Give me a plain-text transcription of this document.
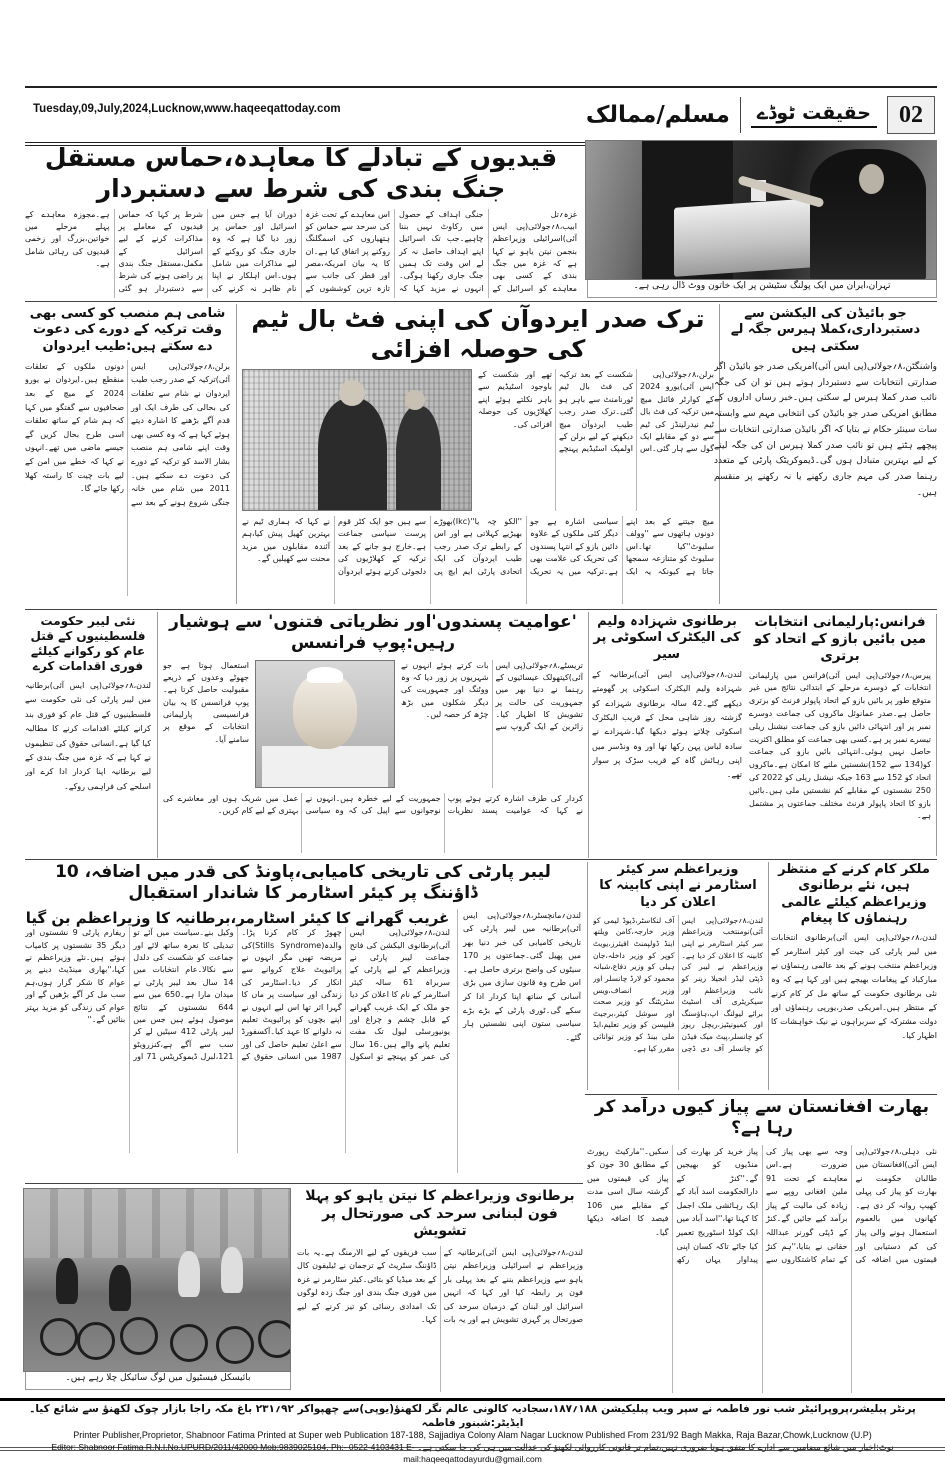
02
حقیقت ٹوڈے
مسلم/ممالک
Tuesday,09,July,2024,Lucknow,www.haqeeqattoday.com
قیدیوں کے تبادلے کا معاہدہ،حماس مستقل جنگ بندی کی شرط سے دستبردار
غزہ؍تل ابیب،۸؍جولائی(پی ایس آئی)اسرائیلی وزیراعظم بنجمن نیتن یاہو نے کہا ہے کہ غزہ میں جنگ بندی کے کسی بھی معاہدے کو اسرائیل کے جنگی اہداف کے حصول میں رکاوٹ نہیں بننا چاہیے۔جب تک اسرائیل اپنے اہداف حاصل نہ کر لے اس وقت تک ہمیں جنگ جاری رکھنا ہوگی۔انہوں نے مزید کہا کہ اس معاہدے کے تحت غزہ کی سرحد سے حماس کو ہتھیاروں کی اسمگلنگ روکنے پر اتفاق کیا ہے۔ان کا یہ بیان امریکہ،مصر اور قطر کی جانب سے تازہ ترین کوششوں کے دوران آیا ہے جس میں اسرائیل اور حماس پر زور دیا گیا ہے کہ وہ جاری جنگ کو روکنے کے لیے مذاکرات میں شامل ہوں۔اس اہلکار نے اپنا نام ظاہر نہ کرنے کی شرط پر کہا کہ حماس قیدیوں کے معاملے پر مذاکرات کرنے کے لیے اسرائیل کے مکمل،مستقل جنگ بندی پر راضی ہونے کی شرط سے دستبردار ہو گئی ہے۔مجوزہ معاہدے کے پہلے مرحلے میں خواتین،بزرگ اور زخمی قیدیوں کی رہائی شامل ہے۔
تہران،ایران میں ایک پولنگ سٹیشن پر ایک خاتون ووٹ ڈال رہی ہے۔
شامی ہم منصب کو کسی بھی وقت ترکیہ کے دورے کی دعوت دے سکتے ہیں:طیب ایردوان
برلن،۸؍جولائی(پی ایس آئی)ترکیہ کے صدر رجب طیب ایردوان نے شام سے تعلقات کی بحالی کی طرف ایک اور قدم آگے بڑھنے کا اشارہ دیتے ہوئے کہا ہے کہ وہ کسی بھی وقت اپنے شامی ہم منصب بشار الاسد کو ترکیہ کے دورے کی دعوت دے سکتے ہیں۔2011 میں شام میں خانہ جنگی شروع ہونے کے بعد سے دونوں ملکوں کے تعلقات منقطع ہیں۔ایردوان نے یورو 2024 کے میچ کے بعد صحافیوں سے گفتگو میں کہا کہ ہم شام کے ساتھ تعلقات اسی طرح بحال کریں گے جیسے ماضی میں تھے۔انہوں نے کہا کہ خطے میں امن کے لیے بات چیت کا راستہ کھلا رکھا جائے گا۔
ترک صدر ایردوآن کی اپنی فٹ بال ٹیم کی حوصلہ افزائی
برلن،۸؍جولائی(پی ایس آئی)یورو 2024 کے کوارٹر فائنل میچ میں ترکیہ کی فٹ بال ٹیم نیدرلینڈز کی ٹیم سے دو کے مقابلے ایک گول سے ہار گئی۔اس شکست کے بعد ترکیہ کی فٹ بال ٹیم ٹورنامنٹ سے باہر ہو گئی۔ترک صدر رجب طیب ایردوآن میچ دیکھنے کے لیے برلن کے اولمپک اسٹیڈیم پہنچے تھے اور شکست کے باوجود اسٹیڈیم سے باہر نکلتے ہوئے اپنے کھلاڑیوں کی حوصلہ افزائی کی۔
میچ جیتنے کے بعد اپنے دونوں ہاتھوں سے ''وولف سلیوٹ''کیا تھا۔اس سلیوٹ کو متنازعہ سمجھا جاتا ہے کیونکہ یہ ایک سیاسی اشارہ ہے جو دیگر کئی ملکوں کے علاوہ دائیں بازو کے انتہا پسندوں کی تحریک کی علامت بھی ہے۔ترکیہ میں یہ تحریک ''الکو چہ یا''(Ikc)بھوڑے بھیڑیے کہلاتی ہے اور اس کے رابطے ترک صدر رجب طیب ایردوآن کی ایک اتحادی پارٹی ایم ایچ پی سے ہیں جو ایک کٹر قوم پرست سیاسی جماعت ہے۔خارج ہو جانے کے بعد ترکیہ کے کھلاڑیوں کی دلجوئی کرتے ہوئے ایردوآن نے کہا کہ ہماری ٹیم نے بہترین کھیل پیش کیا،ہم آئندہ مقابلوں میں مزید محنت سے کھیلیں گے۔
جو بائیڈن کی الیکشن سے دستبرداری،کملا ہیرس جگہ لے سکتی ہیں
واشنگٹن،۸؍جولائی(پی ایس آئی)امریکی صدر جو بائیڈن اگر صدارتی انتخابات سے دستبردار ہوتے ہیں تو ان کی جگہ نائب صدر کملا ہیرس لے سکتی ہیں۔خبر رساں اداروں کے مطابق امریکی صدر جو بائیڈن کی انتخابی مہم سے وابستہ سات سینئر حکام نے بتایا کہ اگر بائیڈن صدارتی انتخابات سے پیچھے ہٹتے ہیں تو نائب صدر کملا ہیرس ان کی جگہ لینے کے لیے بہترین متبادل ہوں گی۔ڈیموکریٹک پارٹی کے متعدد رہنما صدر کی مہم جاری رکھنے یا نہ رکھنے پر منقسم ہیں۔
نئی لیبر حکومت فلسطینیوں کے قتل عام کو رکوانے کیلئے فوری اقدامات کرے
لندن،۸؍جولائی(پی ایس آئی)برطانیہ میں لیبر پارٹی کی نئی حکومت سے فلسطینیوں کے قتل عام کو فوری بند کرانے کیلئے اقدامات کرنے کا مطالبہ کیا گیا ہے۔انسانی حقوق کی تنظیموں نے کہا ہے کہ غزہ میں جنگ بندی کے لیے برطانیہ اپنا کردار ادا کرے اور اسلحے کی فراہمی روکے۔
'عوامیت پسندوں'اور نظریاتی فتنوں' سے ہوشیار رہیں:پوپ فرانسس
تریسٹے،۸؍جولائی(پی ایس آئی)کیتھولک عیسائیوں کے رہنما نے دنیا بھر میں جمہوریت کی حالت پر تشویش کا اظہار کیا۔زائرین کے ایک گروپ سے بات کرتے ہوئے انہوں نے شہریوں پر زور دیا کہ وہ ووٹنگ اور جمہوریت کی دیگر شکلوں میں بڑھ چڑھ کر حصہ لیں۔
استعمال ہوتا ہے جو جھوٹے وعدوں کے ذریعے مقبولیت حاصل کرتا ہے۔پوپ فرانسس کا یہ بیان فرانسیسی پارلیمانی انتخابات کے موقع پر سامنے آیا۔
کردار کی طرف اشارہ کرتے ہوئے پوپ نے کہا کہ عوامیت پسند نظریات جمہوریت کے لیے خطرہ ہیں۔انہوں نے نوجوانوں سے اپیل کی کہ وہ سیاسی عمل میں شریک ہوں اور معاشرے کی بہتری کے لیے کام کریں۔
برطانوی شہزادہ ولیم کی الیکٹرک اسکوٹی پر سیر
لندن،۸؍جولائی(پی ایس آئی)برطانیہ کے شہزادہ ولیم الیکٹرک اسکوٹی پر گھومتے دیکھے گئے۔42 سالہ برطانوی شہزادے کو گزشتہ روز شاہی محل کے قریب الیکٹرک اسکوٹی چلاتے ہوئے دیکھا گیا۔شہزادے نے سادہ لباس پہن رکھا تھا اور وہ ونڈسر میں اپنی رہائش گاہ کے قریب سڑک پر سوار تھے۔
فرانس:پارلیمانی انتخابات میں بائیں بازو کے اتحاد کو برتری
پیرس،۸؍جولائی(پی ایس آئی)فرانس میں پارلیمانی انتخابات کے دوسرے مرحلے کے ابتدائی نتائج میں غیر متوقع طور پر بائیں بازو کے اتحاد پاپولر فرنٹ کو برتری حاصل ہے۔صدر عمانوئل ماکروں کی جماعت دوسرے نمبر پر اور انتہائی دائیں بازو کی جماعت نیشنل ریلی تیسرے نمبر پر ہے۔کسی بھی جماعت کو مطلق اکثریت حاصل نہیں ہوئی۔انتہائی بائیں بازو کی جماعت کو(134 سے 152)نشستیں ملنے کا امکان ہے۔ماکروں اتحاد کو 152 سے 163 جبکہ نیشنل ریلی کو 2022 کی 250 نشستوں کے مقابلے کم نشستیں ملی ہیں۔بائیں بازو کا اتحاد پاپولر فرنٹ مختلف جماعتوں پر مشتمل ہے۔
لیبر پارٹی کی تاریخی کامیابی،پاونڈ کی قدر میں اضافہ، 10 ڈاؤننگ پر کیئر اسٹارمر کا شاندار استقبال
لندن؍مانچسٹر،۸؍جولائی(پی ایس آئی)برطانیہ میں لیبر پارٹی کی تاریخی کامیابی کی خبر دنیا بھر میں پھیل گئی۔جماعتوں پر 170 سیٹوں کی واضح برتری حاصل ہے۔اس طرح وہ قانون سازی میں بڑی آسانی کے ساتھ اپنا کردار ادا کر سکے گی۔ٹوری پارٹی کے بڑے بڑے سیاسی ستون اپنی نشستیں ہار گئے۔
غریب گھرانے کا کیئر اسٹارمر،برطانیہ کا وزیراعظم بن گیا
لندن،۸؍جولائی(پی ایس آئی)برطانوی الیکشن کی فاتح جماعت لیبر پارٹی نے وزیراعظم کے لیے پارٹی کے سربراہ 61 سالہ کیئر اسٹارمر کے نام کا اعلان کر دیا جو ملک کے ایک غریب گھرانے کے قابل چشم و چراغ اور یونیورسٹی لیول تک مفت تعلیم پانے والے ہیں۔16 سال کی عمر کو پہنچے تو اسکول چھوڑ کر کام کرنا پڑا۔والدہ(Stills Syndrome)کی مریضہ تھیں مگر انہوں نے پرائیویٹ علاج کروانے سے انکار کر دیا۔اسٹارمر کی زندگی اور سیاست پر ماں کا گہرا اثر تھا اس لیے انہوں نے اپنے بچوں کو پرائیویٹ تعلیم نہ دلوانے کا عہد کیا۔آکسفورڈ سے اعلیٰ تعلیم حاصل کی اور 1987 میں انسانی حقوق کے وکیل بنے۔سیاست میں آئے تو تبدیلی کا نعرہ ساتھ لائے اور جماعت کو شکست کی دلدل سے نکالا۔عام انتخابات میں 14 سال بعد لیبر پارٹی نے میدان مارا ہے۔650 میں سے 644 نشستوں کے نتائج موصول ہوئے ہیں جس میں لیبر پارٹی 412 سیٹیں لے کر سب سے آگے ہے،کنزرویٹو 121،لبرل ڈیموکریٹس 71 اور ریفارم پارٹی 9 نشستوں اور دیگر 35 نشستوں پر کامیاب ہوئے ہیں۔نئے وزیراعظم نے کہا،''بھاری مینڈیٹ دینے پر عوام کا شکر گزار ہوں،ہم سب مل کر آگے بڑھیں گے اور عوام کی زندگی کو مزید بہتر بنائیں گے۔''
وزیراعظم سر کیئر اسٹارمر نے اپنی کابینہ کا اعلان کر دیا
لندن،۸؍جولائی(پی ایس آئی)نومنتخب وزیراعظم سر کیئر اسٹارمر نے اپنی کابینہ کا اعلان کر دیا ہے۔وزیراعظم نے لیبر کی ڈپٹی لیڈر انجیلا رینر کو نائب وزیراعظم اور سیکریٹری آف اسٹیٹ برائے لیولنگ اپ،ہاؤسنگ اور کمیونیٹیز،ریچل ریوز کو چانسلر،پیٹ میک فیڈن کو چانسلر آف دی ڈچی آف لنکاسٹر،ڈیوڈ لیمی کو وزیر خارجہ،کامن ویلتھ اینڈ ڈولپمنٹ افیئرز،یویٹ کوپر کو وزیر داخلہ،جان ہیلی کو وزیر دفاع،شبانہ محمود کو لارڈ چانسلر اور وزیر انصاف،ویس سٹریٹنگ کو وزیر صحت اور سوشل کیئر،برجیٹ فلیپسن کو وزیر تعلیم،ایڈ ملی بینڈ کو وزیر توانائی مقرر کیا ہے۔
ملکر کام کرنے کے منتظر ہیں، نئے برطانوی وزیراعظم کیلئے عالمی رہنماؤں کا پیغام
لندن،۸؍جولائی(پی ایس آئی)برطانوی انتخابات میں لیبر پارٹی کی جیت اور کیئر اسٹارمر کے وزیراعظم منتخب ہونے کے بعد عالمی رہنماؤں نے مبارکباد کے پیغامات بھیجے ہیں اور کہا ہے کہ وہ نئی برطانوی حکومت کے ساتھ مل کر کام کرنے کے منتظر ہیں۔امریکی صدر،یورپی رہنماؤں اور دولت مشترکہ کے سربراہوں نے نیک خواہشات کا اظہار کیا۔
بھارت افغانستان سے پیاز کیوں درآمد کر رہا ہے؟
نئی دہلی،۸؍جولائی(پی ایس آئی)افغانستان میں طالبان حکومت نے بھارت کو پیاز کی پہلی کھیپ روانہ کر دی ہے۔کھانوں میں بالعموم استعمال ہونے والی پیاز کی کم دستیابی اور قیمتوں میں اضافہ کی وجہ سے بھی پیاز کی ضرورت ہے۔اس معاہدے کے تحت 91 ملین افغانی روپے سے زیادہ کی مالیت کے پیاز برآمد کیے جائیں گے۔کنڑ کے ڈپٹی گورنر عبداللہ حقانی نے بتایا،''ہم کنڑ کے تمام کاشتکاروں سے پیاز خرید کر بھارت کی منڈیوں کو بھیجیں گے۔''کنڑ کے دارالحکومت اسد آباد کے ایک رہائشی ملک اجمل کا کہنا تھا،''اسد آباد میں ایک کولڈ اسٹوریج تعمیر کیا جائے تاکہ کسان اپنی پیداوار یہاں رکھ سکیں۔''مارکیٹ رپورٹ کے مطابق 30 جون کو پیاز کی قیمتوں میں گزشتہ سال اسی مدت کے مقابلے میں 106 فیصد کا اضافہ دیکھا گیا۔
برطانوی وزیراعظم کا نیتن یاہو کو پہلا فون لبنانی سرحد کی صورتحال پر تشویش
لندن،۸؍جولائی(پی ایس آئی)برطانیہ کے وزیراعظم نے اسرائیلی وزیراعظم نیتن یاہو سے وزیراعظم بننے کے بعد پہلی بار فون پر رابطہ کیا اور کہا کہ انہیں اسرائیل اور لبنان کے درمیان سرحد کی صورتحال پر گہری تشویش ہے اور یہ بات سب فریقوں کے لیے الارمنگ ہے۔یہ بات ڈاؤننگ سٹریٹ کے ترجمان نے ٹیلیفون کال کے بعد میڈیا کو بتائی۔کیئر سٹارمر نے غزہ میں فوری جنگ بندی اور جنگ زدہ لوگوں تک امدادی رسائی کو تیز کرنے کے لیے کہا۔
بائیسکل فیسٹیول میں لوگ سائیکل چلا رہے ہیں۔
پرنٹر پبلیشر،پروپرائیٹر شب نور فاطمہ نے سپر ویب پبلیکیشن ۱۸۸؍۱۸۷،سجادیہ کالونی عالم نگر لکھنؤ(یوپی)سے چھپواکر ۹۲؍۲۳۱ باغ مکہ راجا بازار چوک لکھنؤ سے شائع کیا۔ایڈیٹر:شبنور فاطمہ
Printer Publisher,Proprietor, Shabnoor Fatima Printed at Super web Publication 187-188, Sajjadiya Colony Alam Nagar Lucknow Published From 231/92 Bagh Makka, Raja Bazar,Chowk,Lucknow (U.P)
نوٹ:اخبار میں شائع مضامین سے ادارے کا متفق ہونا ضروری نہیں،تمام تر قانونی کارروائی لکھنؤ کی عدالت میں ہی کی جا سکتی ہے۔ Editor: Shabnoor Fatima R.N.I.No.UPURD/2011/42000 Mob:9839025104, Ph:- 0522-4103431 E-mail:haqeeqattodayurdu@gmail.com
